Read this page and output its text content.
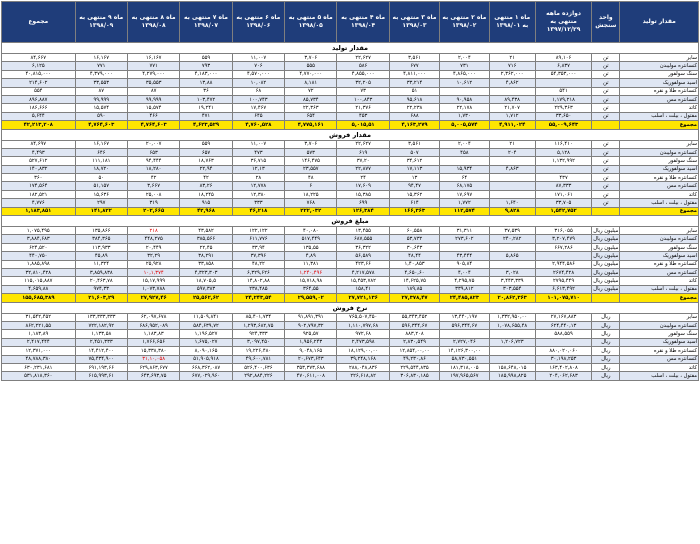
مقدار تولید	واحد سنجش	دوازده ماهه منتهی به ۱۳۹۷/۱۲/۲۹	ماه ۱ منتهی به ۱۳۹۸/۰۱	ماه ۲ منتهی به ۱۳۹۸/۰۲	ماه ۳ منتهی به ۱۳۹۸/۰۳	ماه ۴ منتهی به ۱۳۹۸/۰۴	ماه ۵ منتهی به ۱۳۹۸/۰۵	ماه ۶ منتهی به ۱۳۹۸/۰۶	ماه ۷ منتهی به ۱۳۹۸/۰۷	ماه ۸ منتهی به ۱۳۹۸/۰۸	ماه ۹ منتهی به ۱۳۹۸/۰۹	مجموع
مقدار تولید												
سایر	تن	۸۹,۱۰۶	۲۱	۲,۰۰۴	۳,۵۶۱	۲۲,۶۲۷	۳,۷۰۶	۱۱,۰۰۷	۵۵۹	۱۶,۱۶۷	۱۶,۱۶۷	۸۴,۶۶۷
کنسانتره مولیبدن	تن	۶,۸۳۷	۷۱۶	۷۳۱	۶۷۷	۵۸۶	۵۵۵	۷۰۶	۷۹۳	۷۷۱	۷۷۱	۶,۱۲۵
سنگ سولفور	تن	۵۴,۳۵۳,۰۰۰	۲,۳۶۲,۰۰۰	۴,۸۶۵,۰۰۰	۴,۸۱۱,۰۰۰	۴,۸۵۵,۰۰۰	۴,۷۷۰,۰۰۰	۴,۵۷۰,۰۰۰	۴,۱۸۳,۰۰۰	۴,۲۷۹,۰۰۰	۴,۳۷۹,۰۰۰	۴۰,۸۱۵,۰۰۰
اسید سولفوریک	تن		۴,۸۶۲	۱۰,۶۱۲	۳۳,۲۱۴	۳۲,۲۰۵	۸,۱۸۱	۱۰,۰۸۲	۱۳,۸۸	۳۵,۵۵۳	۳۳,۵۵۳	۲۱۴,۶۰۲
کنسانتره طلا و نقره	تن	۵۴۱			۵۱	۷۳	۷۲	۶۸	۳۶	۸۷	۸۷	۵۵۴
کنسانتره مس	تن	۱,۱۷۹,۲۱۸	۸۹,۴۳۸	۹۰,۹۵۸	۹۵,۶۱۸	۱۰۰,۸۴۳	۸۵,۷۳۴	۱۰۰,۷۴۳	۱۰۳,۴۷۲	۹۹,۹۹۹	۹۹,۹۹۹	۸۹۶,۸۸۷
کاتد	تن	۲۲۹,۳۶۳	۲۱,۷۰۷	۲۲,۱۷۸	۲۲,۲۳۸	۲۱,۳۷۶	۲۲,۳۶۳	۱۷,۴۶۷	۱۹,۲۴۱	۱۵,۵۷۴	۱۵,۵۷۴	۱۸۶,۶۶۶
مفتول ، بیلت ، اسلب	تن	۳۳,۶۵۰	۱,۷۱۲	۱,۷۳۰	۶۸۸	۴۵۳	۶۵۴	۶۴۵	۴۷۱	۴۶۶	۵۹۰	۵,۶۴۴
مجموع		۵۵,۰۰۹,۶۴۳	۴,۹۱۱,۰۲۴	۵,۰۰۵,۵۷۴	۴,۱۶۳,۲۷۹	۵,۰۱۵,۵۱	۴,۷۷۵,۱۶۱	۴,۷۶۰,۵۲۸	۴,۶۲۳,۵۲۹	۴,۷۶۴,۶۰۳	۴,۷۶۴,۶۰۳	۴۲,۲۱۳,۲۰۸
مقدار فروش												
سایر	تن	۱۱۶,۴۱۰	۲۱	۲,۰۰۴	۳,۵۶۱	۲۲,۶۲۷	۳,۷۰۶	۱۱,۰۰۷	۵۵۹	۲۰,۰۰۷	۱۶,۱۶۷	۸۴,۶۹۷
کنسانتره مولیبدن	تن	۵,۱۲۸	۲۰۴	۴۵۸	۵۰۷	۶۱۹	۵۷۳	۴۷۳	۶۵۷	۶۵۳	۶۴۶	۴,۴۹۳
سنگ سولفور	تن	۱,۱۳۲,۹۹۲			۳۴,۶۱۲	۳۷,۲۰	۱۴۶,۴۷۵	۳۶,۷۱۵	۱۸,۷۶۳	۹۴,۴۴۴	۱۱۱,۱۸۱	۵۲۷,۶۱۲
اسید سولفوریک	تن		۴,۸۶۳	۱۵,۹۳۴	۱۷,۱۱۳	۲۲,۸۷۷	۲۳,۵۵۷	۱۲,۱۳	۲۲,۹۴	۱۸,۲۸۰	۱۸,۷۲۰	۱۴۰,۸۳۲
کنسانتره طلا و نقره	تن	۴۳۷		۶۴	۱۳	۲۴	۴۸	۲۸	۴۲	۴۲	۵۰	۳۶۰
کنسانتره مس	تن	۸۷,۳۳۳		۶۸,۱۷۵	۹۴,۴۷	۱۷,۶۰۹	۶	۱۲,۷۷۸	۸۳,۲۶	۳,۶۶۷	۵۱,۱۵۷	۱۷۴,۵۶۴
کاتد	تن	۱۷۱,۰۶۱		۱۷,۶۹۷	۱۵,۳۶۲	۱۵,۳۸۵	۱۸,۲۲۵	۱۲,۳۸۰	۱۸,۲۴۵	۲۵,۰۰۸	۱۵,۶۳۶	۱۸۲,۵۲۱
مفتول ، بیلت ، اسلب	تن	۳۳,۷۰۵	۱,۶۴۰	۱,۷۷۲	۶۱۴	۶۹۹	۷۶۸	۳۳۳	۹۱۵	۳۱۹	۲۹۷	۴,۷۷۶
مجموع		۱,۵۴۲,۷۵۲	۹,۸۲۸	۱۱۲,۵۷۴	۱۶۶,۳۶۳	۱۲۶,۳۸۴	۲۲۲,۰۳۲	۴۶,۲۱۸	۴۲,۹۶۸	۲۰۲,۶۶۵	۱۴۱,۸۲۲	۱,۱۸۳,۸۵۱
مبلغ فروش												
سایر	میلیون ریال	۳۱۶,۰۵۵	۳۷,۵۳۹	۳۱,۳۱۱	۶۰,۵۵۸	۱۳,۴۵۵	۴۰,۰۸۰	۱۲۲,۱۲۲	۴۳,۵۸۲	۲۱۸	۱۳۵,۸۶۶	۱,۰۷۵,۴۹۵
کنسانتره مولیبدن	میلیون ریال	۳,۲۰۷,۴۷۹	۲۴۰,۲۸۲	۲۷۳,۶۰۲	۵۳,۷۳۲	۶۸۷,۵۵۵	۵۱۷,۴۴۹	۶۱۱,۷۷۶	۳۸۵,۵۶۶	۴۴۸,۲۷۵	۳۸۴,۳۶۵	۳,۸۸۴,۶۸۳
سنگ سولفور	میلیون ریال	۶۶۷,۲۸۶			۳۰,۶۴۳	۳۶,۳۲۲	۱۳۵,۵۵	۳۳,۹۴	۲۲,۴۵	۲۰,۴۴۹	۱۱۳,۹۳۳	۶۲۴,۵۲۰
اسید سولفوریک	میلیون ریال		۵,۸۶۵	۴۳,۴۴۴	۴۸,۴۴	۵۶,۵۸۹	۴,۸۹	۳۷,۳۹۶	۳۸,۲۹۱	۳۲,۲۹	۴۵,۸۹	۴۴۰,۷۵۰
کنسانتره طلا و نقره	میلیون ریال	۲,۹۴۴,۵۸۶		۹۰۵,۸۴	۱,۴۰,۸۵۳	۴۲۳,۶۶	۱۱,۳۸۱	۴۸,۲۲	۳۳,۸۵۸	۲۵,۹۲۸	۱۱,۳۲۴	۱,۸۸۵,۸۹۸
کنسانتره مس	میلیون ریال	۲۶۷۴,۴۲۸	۳,۰۲۸	۴,۰۰۴	۴,۶۵۰,۶۰	۴,۲۱۷,۵۷۸	۱,۲۴۰,۴۹۶	۶,۳۲۹,۶۲۶	۴,۳۲۳,۳۰۳	۱۰,۱,۳۷۴	۳,۸۵۹,۸۳۸	۳۲,۸۱۰,۴۲۸
کاتد	میلیون ریال	۲۷۹۵,۴۴۹	۳,۴۴۳,۳۳۹	۴,۲۹۵,۷۵	۱۴,۶۲۵,۷۵	۱۵,۴۵۳,۷۸۲	۱۵,۷۱۸,۹۸	۱۴,۸۰۲,۸۸	۱۸,۷۰۵,۵	۱۵,۱۷,۹۹۹	۲۰,۴۶۳,۷۸	۱۱۵,۰۱۵,۸۸۷
مفتول ، بیلت ، اسلب	میلیون ریال	۶,۶۱۳,۴۹۲	۳۰۳,۵۵۴	۳۳۹,۸۱۲	۱۸۹,۸۵	۱۵۸,۴۱	۳۶۴,۵۵	۲۳۸,۴۸۵	۵۹۷,۳۸۳	۱,۰۷۳,۷۸۸	۹۷۴,۳۳	۴,۶۵۹,۸۸
مجموع		۱۰۱,۰۷۵,۷۱۰	۲۰,۸۶۲,۳۶۳	۲۴,۴۸۵,۸۲۳	۲۷,۳۷۸,۴۷	۲۷,۷۲۱,۱۳۶	۲۹,۵۵۹,۰۲	۲۴,۲۴۳,۵۴	۲۵,۵۶۲,۶۲	۲۷,۹۲۷,۴۶	۲۱,۶۰۳,۲۹	۱۵۵,۶۸۵,۳۸۹
نرخ فروش												
سایر	ریال	۲۷,۱۶۷,۸۸۳	۱,۳۳۲,۹۵۰,۰۰	۱۳,۴۴۰,۱۹۷	۵۵,۳۴۳,۴۵۲	۷۶۵,۵۰۷,۴۵۰	۹۱,۸۹۱,۳۹۱	۸۵,۴۰۱,۷۳۴	۱۱,۵۰۹,۸۴۱	۶۲,۰۹۷,۶۷۸	۱۳۳,۳۳۳,۳۳۳	۳۱,۵۴۲,۴۵۲
کنسانتره مولیبدن	ریال	۶۲۴,۴۴۰,۱۳	۱,۰۷۸,۶۵۵,۴۸	۵۹۶,۳۴۴,۶۷	۵۹۶,۳۴۴,۶۷	۱,۱۱۰,۷۹۷,۶۸	۹۰۲,۷۹۷,۳۲	۱,۲۹۳,۶۸۲,۷۵	۵۸۴,۶۳۹,۷۲	۶۸۶,۹۵۲,۰۸۹	۷۲۲,۱۸۲,۹۲	۸۶۲,۲۲۱,۵۵
سنگ سولفور	ریال	۵۸۸,۵۵۹			۸۸۳,۲۰۸	۹۷۲,۶۸	۹۲۵,۵۷	۹۲۴,۳۳۳	۱,۱۹۶,۵۲۷	۱,۱۸۳,۸۳	۱,۱۳۳,۵۸	۱,۱۸۳,۸۹
اسید سولفوریک	ریال		۱,۲۰۶,۷۲۳	۲,۷۲۷,۰۴۶	۲,۸۳۰,۵۴۹	۲,۴۷۳,۵۹۸	۱,۹۵۶,۲۴۳	۳,۰۹۷,۴۵۰	۱,۶۷۵,۰۲۷	۱,۷۶۶,۶۵۶	۲,۴۵۱,۳۳۳	۲,۴۱۷,۴۴۴
کنسانتره طلا و نقره	ریال	۸۸۰,۰۲۰,۰۶۰		۱۴,۱۲۶,۳۰۰,۰۰	۱۲,۸۵۴,۰۰,۰۰	۱۸,۱۲۹,۰۰,۰۰	۹,۰۴۸,۱۶۵	۱۹,۲۲۶,۴۸۰	۸,۰۹۰,۱۶۵	۱۵,۳۳۸,۳۸۰	۱۴,۴۱۲,۴۰۰	۱۲,۳۷۱,۰۰۰
کنسانتره مس	ریال	۳۰,۱۹۸,۲۵۳		۵۸,۷۳۰,۵۵۱	۴۹,۲۳۰,۸۶	۳۹,۲۴۸,۱۶۸	۲۰,۶۷۳,۶۴۳	۴۹,۶۰۰,۷۸۱	۵۱,۹۰۵,۹۱۸	۳۱,۱۰,۰۵۸	۷۵,۴۳۴,۹۰۰	۴۸,۷۸۸,۳۸۰
کاتد	ریال	۱۶۳,۴۰۲,۸۰۸	۱۵۸,۶۴۸,۰۱۵	۱۸۱,۳۱۸,۰۰۵	۲۲۹,۵۴۴,۸۳۵	۲۸۸,۰۴۸,۸۳۶	۳۵۳,۳۷۳,۶۸۸	۵۲۶,۴۰۰,۶۳۶	۶۶۸,۳۶۲,۰۸۷	۶۲۹,۸۶۳,۶۷۷	۶۹۱,۱۹۳,۶۶	۶۳۰,۲۳۱,۶۸۱
مفتول ، بیلت ، اسلب	ریال	۲۰۴,۰۶۲,۶۸۳	۱۸۵,۹۹۸,۸۲۵	۱۹۷,۹۶۵,۵۶۷	۳۰۶,۸۳۰,۱۸۵	۲۲۶,۶۱۸,۸۲	۴۷۰,۶۱۱,۰۰۸	۲۹۲,۸۸۴,۲۲۶	۶۷۷,۰۲۹,۹۶۰	۶۴۳,۶۹۳,۷۵	۶۱۵,۹۹۳,۶۱	۵۳۱,۸۱۸,۳۶۰
